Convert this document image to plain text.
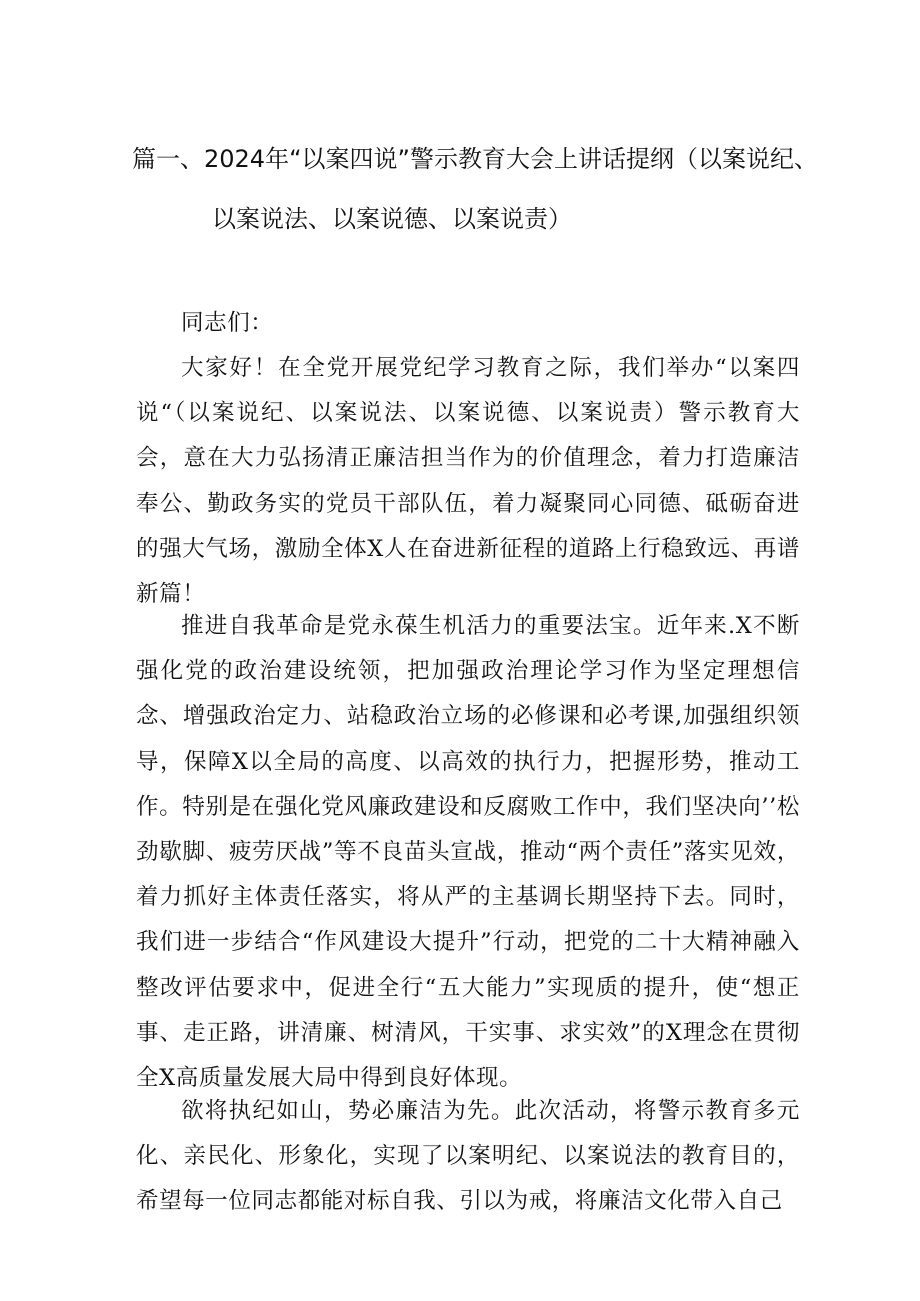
篇一、2024年“以案四说”警示教育大会上讲话提纲（以案说纪、
以案说法、以案说德、以案说责）
同志们：
大家好！在全党开展党纪学习教育之际，我们举办“以案四说“（以案说纪、以案说法、以案说德、以案说责）警示教育大会，意在大力弘扬清正廉洁担当作为的价值理念，着力打造廉洁奉公、勤政务实的党员干部队伍，着力凝聚同心同德、砥砺奋进的强大气场，激励全体X人在奋进新征程的道路上行稳致远、再谱新篇！
推进自我革命是党永葆生机活力的重要法宝。近年来.X不断强化党的政治建设统领，把加强政治理论学习作为坚定理想信念、增强政治定力、站稳政治立场的必修课和必考课,加强组织领导，保障X以全局的高度、以高效的执行力，把握形势，推动工作。特别是在强化党风廉政建设和反腐败工作中，我们坚决向’’松劲歇脚、疲劳厌战”等不良苗头宣战，推动“两个责任”落实见效，着力抓好主体责任落实，将从严的主基调长期坚持下去。同时，我们进一步结合“作风建设大提升”行动，把党的二十大精神融入整改评估要求中，促进全行“五大能力”实现质的提升，使“想正事、走正路，讲清廉、树清风，干实事、求实效”的X理念在贯彻全X高质量发展大局中得到良好体现。
欲将执纪如山，势必廉洁为先。此次活动，将警示教育多元化、亲民化、形象化，实现了以案明纪、以案说法的教育目的，希望每一位同志都能对标自我、引以为戒，将廉洁文化带入自己
